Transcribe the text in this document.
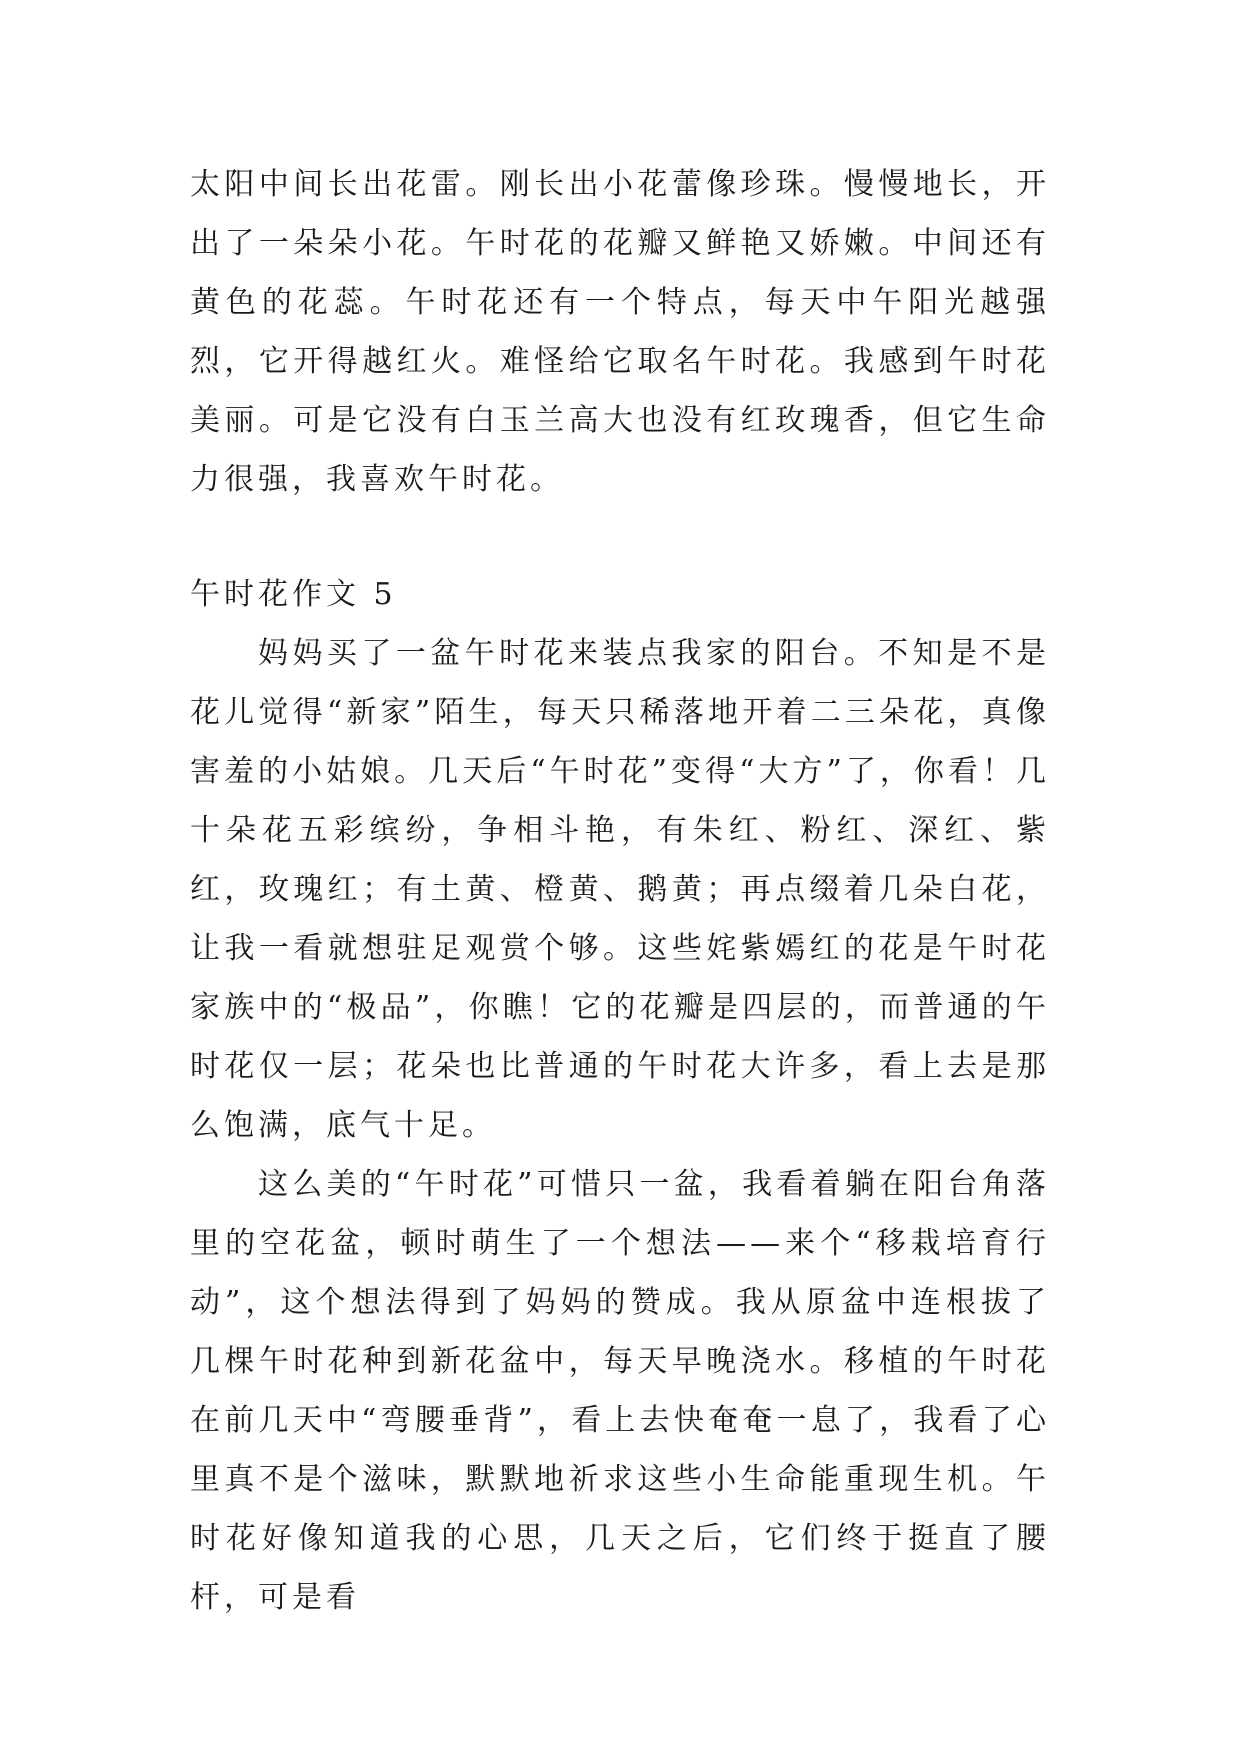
太阳中间长出花雷。刚长出小花蕾像珍珠。慢慢地长，开出了一朵朵小花。午时花的花瓣又鲜艳又娇嫩。中间还有黄色的花蕊。午时花还有一个特点，每天中午阳光越强烈，它开得越红火。难怪给它取名午时花。我感到午时花美丽。可是它没有白玉兰高大也没有红玫瑰香，但它生命力很强，我喜欢午时花。

午时花作文 5

妈妈买了一盆午时花来装点我家的阳台。不知是不是花儿觉得“新家”陌生，每天只稀落地开着二三朵花，真像害羞的小姑娘。几天后“午时花”变得“大方”了，你看！几十朵花五彩缤纷，争相斗艳，有朱红、粉红、深红、紫红，玫瑰红；有土黄、橙黄、鹅黄；再点缀着几朵白花，让我一看就想驻足观赏个够。这些姹紫嫣红的花是午时花家族中的“极品”，你瞧！它的花瓣是四层的，而普通的午时花仅一层；花朵也比普通的午时花大许多，看上去是那么饱满，底气十足。

这么美的“午时花”可惜只一盆，我看着躺在阳台角落里的空花盆，顿时萌生了一个想法——来个“移栽培育行动”，这个想法得到了妈妈的赞成。我从原盆中连根拔了几棵午时花种到新花盆中，每天早晚浇水。移植的午时花在前几天中“弯腰垂背”，看上去快奄奄一息了，我看了心里真不是个滋味，默默地祈求这些小生命能重现生机。午时花好像知道我的心思，几天之后，它们终于挺直了腰杆，可是看
